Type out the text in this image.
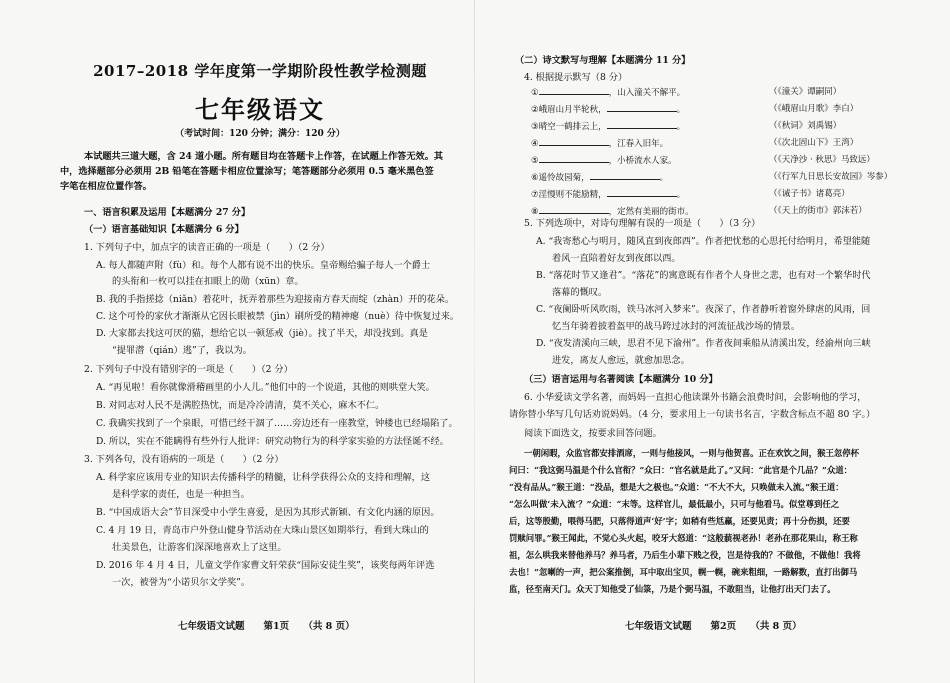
2017–2018 学年度第一学期阶段性教学检测题
七年级语文
（考试时间：120 分钟；满分：120 分）
本试题共三道大题，含 24 道小题。所有题目均在答题卡上作答，在试题上作答无效。其
中，选择题部分必须用 2B 铅笔在答题卡相应位置涂写；笔答题部分必须用 0.5 毫米黑色签
字笔在相应位置作答。
一、语言积累及运用【本题满分 27 分】
（一）语言基础知识【本题满分 6 分】
1. 下列句子中，加点字的读音正确的一项是（　　）（2 分）
A. 每人都随声附（fù）和。每个人都有说不出的快乐。皇帝赐给骗子每人一个爵士
的头衔和一枚可以挂在扣眼上的勋（xūn）章。
B. 我的手指搓捻（niǎn）着花叶，抚弄着那些为迎接南方春天而绽（zhàn）开的花朵。
C. 这个可怜的家伙才渐渐从它因长眼被禁（jìn）刷所受的精神瘪（nuè）待中恢复过来。
D. 大家都去找这可厌的猫，想给它以一顿惩戒（jiè）。找了半天，却没找到。真是
“提罪潜（qián）逃”了，我以为。
2. 下列句子中没有错别字的一项是（　　）（2 分）
A. “再见啦！看你就像滑稽画里的小人儿。”他们中的一个说道，其他的则哄堂大笑。
B. 对同志对人民不是满腔热忱，而是冷冷清清，莫不关心，麻木不仁。
C. 我确实找到了一个泉眼，可惜已经干涸了……旁边还有一座教堂，钟楼也已经塌陷了。
D. 所以，实在不能瞒得有些外行人批评：研究动物行为的科学家实验的方法怪诞不经。
3. 下列各句，没有语病的一项是（　　）（2 分）
A. 科学家应该用专业的知识去传播科学的精髓，让科学获得公众的支持和理解，这
是科学家的责任，也是一种担当。
B. “中国成语大会”节目深受中小学生喜爱，是因为其形式新颖、有文化内涵的原因。
C. 4 月 19 日，青岛市户外登山健身节活动在大珠山景区如期举行，看到大珠山的
壮美景色，让游客们深深地喜欢上了这里。
D. 2016 年 4 月 4 日，儿童文学作家曹文轩荣获“国际安徒生奖”，该奖每两年评选
一次，被誉为“小诺贝尔文学奖”。
七年级语文试题　　第1页　　（共 8 页）
（二）诗文默写与理解【本题满分 11 分】
4. 根据提示默写（8 分）
①	，山入潼关不解平。	（《潼关》谭嗣同）
②峨眉山月半轮秋，	。	（《峨眉山月歌》李白）
③晴空一鹤排云上，	。	（《秋词》刘禹锡）
④	，江春入旧年。	（《次北固山下》王湾）
⑤	，小桥流水人家。	（《天净沙 · 秋思》马致远）
⑥遥怜故园菊，	。	（《行军九日思长安故园》岑参）
⑦淫慢则不能励精，	。	（《诫子书》诸葛亮）
⑧	，定然有美丽的街市。	（《天上的街市》郭沫若）
5. 下列选项中，对诗句理解有误的一项是（　　）（3 分）
A. “我寄愁心与明月，随风直到夜郎西”。作者把忧愁的心思托付给明月，希望能随
着风一直陪着好友到夜郎以西。
B. “落花时节又逢君”。“落花”的寓意既有作者个人身世之悲，也有对一个繁华时代
落幕的慨叹。
C. “夜阑卧听风吹雨，铁马冰河入梦来”。夜深了，作者静听着窗外肆虐的风雨，回
忆当年骑着披着盔甲的战马跨过冰封的河流征战沙场的情景。
D. “夜发清溪向三峡，思君不见下渝州”。作者夜间乘船从清溪出发，经渝州向三峡
进发，离友人愈远，就愈加思念。
（三）语言运用与名著阅读【本题满分 10 分】
6. 小华爱读文学名著，而妈妈一直担心他读课外书籍会浪费时间，会影响他的学习，
请你替小华写几句话劝说妈妈。（4 分，要求用上一句读书名言，字数含标点不超 80 字。）
阅读下面选文，按要求回答问题。
一朝闲暇，众监官都安排酒席，一则与他接风，一则与他贺喜。正在欢饮之间，猴王忽停杯
问曰：“我这弼马温是个什么官衔？”众曰：“官名就是此了。”又问：“此官是个几品？”众道：
“没有品从。”猴王道：“没品，想是大之极也。”众道：“不大不大，只唤做未入流。”猴王道：
“怎么叫做‘未入流’？”众道：“末等。这样官儿，最低最小，只可与他看马。似堂尊到任之
后，这等殷勤，喂得马肥，只落得道声‘好’字；如稍有些尪羸，还要见责；再十分伤损，还要
罚赎问罪。”猴王闻此，不觉心头火起，咬牙大怒道：“这般藐视老孙！老孙在那花果山，称王称
祖，怎么哄我来替他养马？养马者，乃后生小辈下贱之役，岂是待我的？不做他，不做他！我将
去也！”忽喇的一声，把公案推倒，耳中取出宝贝，幌一幌，碗来粗细，一路解数，直打出御马
监，径至南天门。众天丁知他受了仙箓，乃是个弼马温，不敢阻当，让他打出天门去了。
七年级语文试题　　第2页　　（共 8 页）
